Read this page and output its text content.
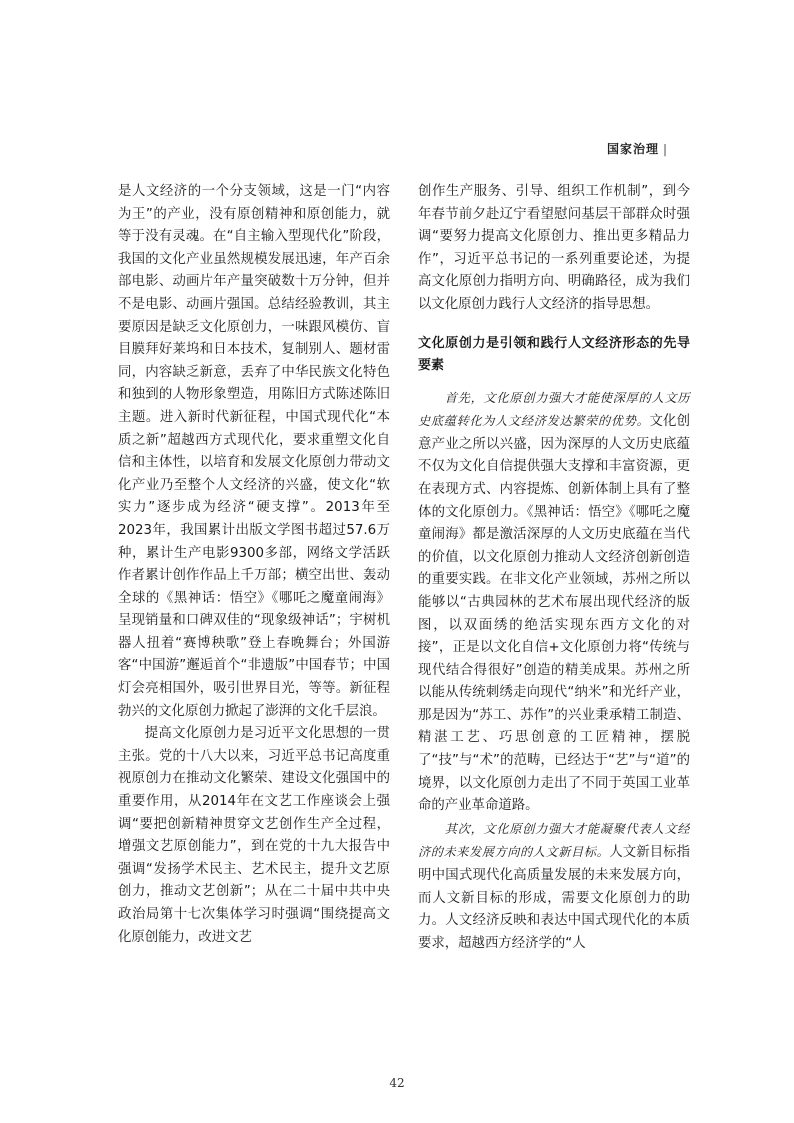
国家治理 |

是人文经济的一个分支领域，这是一门“内容为王”的产业，没有原创精神和原创能力，就等于没有灵魂。在“自主输入型现代化”阶段，我国的文化产业虽然规模发展迅速，年产百余部电影、动画片年产量突破数十万分钟，但并不是电影、动画片强国。总结经验教训，其主要原因是缺乏文化原创力，一味跟风模仿、盲目膜拜好莱坞和日本技术，复制别人、题材雷同，内容缺乏新意，丢弃了中华民族文化特色和独到的人物形象塑造，用陈旧方式陈述陈旧主题。进入新时代新征程，中国式现代化“本质之新”超越西方式现代化，要求重塑文化自信和主体性，以培育和发展文化原创力带动文化产业乃至整个人文经济的兴盛，使文化“软实力”逐步成为经济“硬支撑”。2013年至2023年，我国累计出版文学图书超过57.6万种，累计生产电影9300多部，网络文学活跃作者累计创作作品上千万部；横空出世、轰动全球的《黑神话：悟空》《哪吒之魔童闹海》呈现销量和口碑双佳的“现象级神话”；宇树机器人扭着“赛博秧歌”登上春晚舞台；外国游客“中国游”邂逅首个“非遗版”中国春节；中国灯会亮相国外，吸引世界目光，等等。新征程勃兴的文化原创力掀起了澎湃的文化千层浪。

提高文化原创力是习近平文化思想的一贯主张。党的十八大以来，习近平总书记高度重视原创力在推动文化繁荣、建设文化强国中的重要作用，从2014年在文艺工作座谈会上强调“要把创新精神贯穿文艺创作生产全过程，增强文艺原创能力”，到在党的十九大报告中强调“发扬学术民主、艺术民主，提升文艺原创力，推动文艺创新”；从在二十届中共中央政治局第十七次集体学习时强调“围绕提高文化原创能力，改进文艺

创作生产服务、引导、组织工作机制”，到今年春节前夕赴辽宁看望慰问基层干部群众时强调“要努力提高文化原创力、推出更多精品力作”，习近平总书记的一系列重要论述，为提高文化原创力指明方向、明确路径，成为我们以文化原创力践行人文经济的指导思想。

文化原创力是引领和践行人文经济形态的先导要素

首先，文化原创力强大才能使深厚的人文历史底蕴转化为人文经济发达繁荣的优势。文化创意产业之所以兴盛，因为深厚的人文历史底蕴不仅为文化自信提供强大支撑和丰富资源，更在表现方式、内容提炼、创新体制上具有了整体的文化原创力。《黑神话：悟空》《哪吒之魔童闹海》都是激活深厚的人文历史底蕴在当代的价值，以文化原创力推动人文经济创新创造的重要实践。在非文化产业领域，苏州之所以能够以“古典园林的艺术布展出现代经济的版图，以双面绣的绝活实现东西方文化的对接”，正是以文化自信+文化原创力将“传统与现代结合得很好”创造的精美成果。苏州之所以能从传统刺绣走向现代“纳米”和光纤产业，那是因为“苏工、苏作”的兴业秉承精工制造、精湛工艺、巧思创意的工匠精神，摆脱了“技”与“术”的范畴，已经达于“艺”与“道”的境界，以文化原创力走出了不同于英国工业革命的产业革命道路。

其次，文化原创力强大才能凝聚代表人文经济的未来发展方向的人文新目标。人文新目标指明中国式现代化高质量发展的未来发展方向，而人文新目标的形成，需要文化原创力的助力。人文经济反映和表达中国式现代化的本质要求，超越西方经济学的“人

42
